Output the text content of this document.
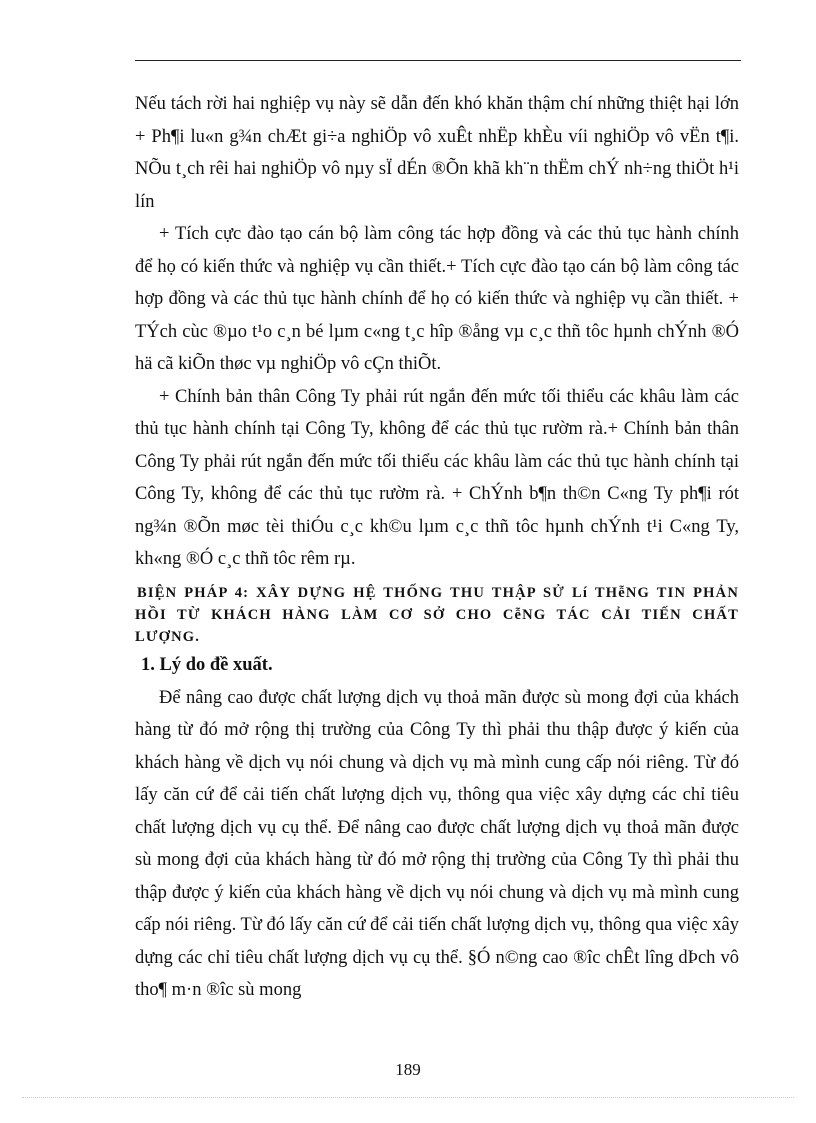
Nếu tách rời hai nghiệp vụ này sẽ dẫn đến khó khăn thậm chí những thiệt hại lớn + Ph¶i lu«n g¾n chÆt gi÷a nghiÖp vô xuÊt nhËp khÈu víi nghiÖp vô vËn t¶i. NÕu t¸ch rêi hai nghiÖp vô nµy sÏ dÉn ®Õn khã kh¨n thËm chÝ nh÷ng thiÖt h¹i lín

+ Tích cực đào tạo cán bộ làm công tác hợp đồng và các thủ tục hành chính để họ có kiến thức và nghiệp vụ cần thiết.+ Tích cực đào tạo cán bộ làm công tác hợp đồng và các thủ tục hành chính để họ có kiến thức và nghiệp vụ cần thiết. + TÝch cùc ®µo t¹o c¸n bé lµm c«ng t¸c hîp ®ång vµ c¸c thñ tôc hµnh chÝnh ®Ó hä cã kiÕn thøc vµ nghiÖp vô cÇn thiÕt.

+ Chính bản thân Công Ty phải rút ngắn đến mức tối thiểu các khâu làm các thủ tục hành chính tại Công Ty, không để các thủ tục rườm rà.+ Chính bản thân Công Ty phải rút ngắn đến mức tối thiểu các khâu làm các thủ tục hành chính tại Công Ty, không để các thủ tục rườm rà. + ChÝnh b¶n th©n C«ng Ty ph¶i rót ng¾n ®Õn møc tèi thiÓu c¸c kh©u lµm c¸c thñ tôc hµnh chÝnh t¹i C«ng Ty, kh«ng ®Ó c¸c thñ tôc rêm rµ.

BIỆN PHÁP 4: XÂY DỰNG HỆ THỐNG THU THẬP SỬ Lí THễNG TIN PHẢN HỒI TỪ KHÁCH HÀNG LÀM CƠ SỞ CHO CễNG TÁC CẢI TIẾN CHẤT LƯỢNG.

1. Lý do đề xuất.

Để nâng cao được chất lượng dịch vụ thoả mãn được sù mong đợi của khách hàng từ đó mở rộng thị trường của Công Ty thì phải thu thập được ý kiến của khách hàng về dịch vụ nói chung và dịch vụ mà mình cung cấp nói riêng. Từ đó lấy căn cứ để cải tiến chất lượng dịch vụ, thông qua việc xây dựng các chỉ tiêu chất lượng dịch vụ cụ thể. Để nâng cao được chất lượng dịch vụ thoả mãn được sù mong đợi của khách hàng từ đó mở rộng thị trường của Công Ty thì phải thu thập được ý kiến của khách hàng về dịch vụ nói chung và dịch vụ mà mình cung cấp nói riêng. Từ đó lấy căn cứ để cải tiến chất lượng dịch vụ, thông qua việc xây dựng các chỉ tiêu chất lượng dịch vụ cụ thể. §Ó n©ng cao ®îc chÊt lîng dÞch vô tho¶ m·n ®îc sù mong

189
